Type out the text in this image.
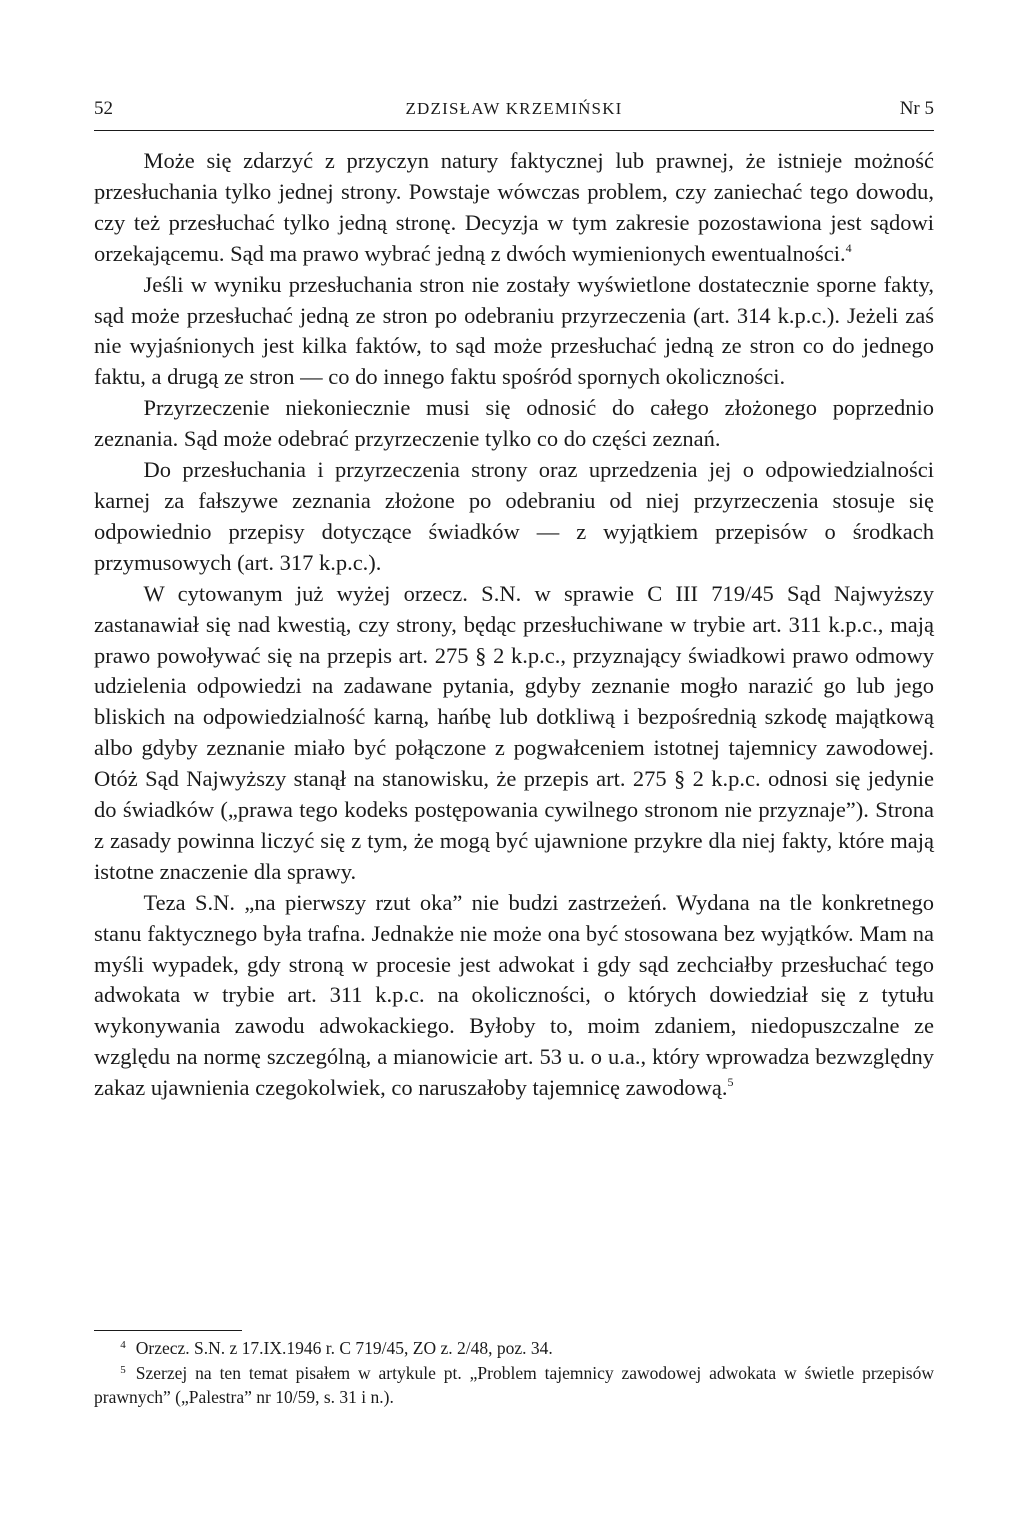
52	ZDZISŁAW KRZEMIŃSKI	Nr 5

Może się zdarzyć z przyczyn natury faktycznej lub prawnej, że istnieje możność przesłuchania tylko jednej strony. Powstaje wówczas problem, czy zaniechać tego dowodu, czy też przesłuchać tylko jedną stronę. Decyzja w tym zakresie pozostawiona jest sądowi orzekającemu. Sąd ma prawo wybrać jedną z dwóch wymienionych ewentualności.$^4$

Jeśli w wyniku przesłuchania stron nie zostały wyświetlone dostatecznie sporne fakty, sąd może przesłuchać jedną ze stron po odebraniu przyrzeczenia (art. 314 k.p.c.). Jeżeli zaś nie wyjaśnionych jest kilka faktów, to sąd może przesłuchać jedną ze stron co do jednego faktu, a drugą ze stron — co do innego faktu spośród spornych okoliczności.

Przyrzeczenie niekoniecznie musi się odnosić do całego złożonego poprzednio zeznania. Sąd może odebrać przyrzeczenie tylko co do części zeznań.

Do przesłuchania i przyrzeczenia strony oraz uprzedzenia jej o odpowiedzialności karnej za fałszywe zeznania złożone po odebraniu od niej przyrzeczenia stosuje się odpowiednio przepisy dotyczące świadków — z wyjątkiem przepisów o środkach przymusowych (art. 317 k.p.c.).

W cytowanym już wyżej orzecz. S.N. w sprawie C III 719/45 Sąd Najwyższy zastanawiał się nad kwestią, czy strony, będąc przesłuchiwane w trybie art. 311 k.p.c., mają prawo powoływać się na przepis art. 275 § 2 k.p.c., przyznający świadkowi prawo odmowy udzielenia odpowiedzi na zadawane pytania, gdyby zeznanie mogło narazić go lub jego bliskich na odpowiedzialność karną, hańbę lub dotkliwą i bezpośrednią szkodę majątkową albo gdyby zeznanie miało być połączone z pogwałceniem istotnej tajemnicy zawodowej. Otóż Sąd Najwyższy stanął na stanowisku, że przepis art. 275 § 2 k.p.c. odnosi się jedynie do świadków („prawa tego kodeks postępowania cywilnego stronom nie przyznaje”). Strona z zasady powinna liczyć się z tym, że mogą być ujawnione przykre dla niej fakty, które mają istotne znaczenie dla sprawy.

Teza S.N. „na pierwszy rzut oka” nie budzi zastrzeżeń. Wydana na tle konkretnego stanu faktycznego była trafna. Jednakże nie może ona być stosowana bez wyjątków. Mam na myśli wypadek, gdy stroną w procesie jest adwokat i gdy sąd zechciałby przesłuchać tego adwokata w trybie art. 311 k.p.c. na okoliczności, o których dowiedział się z tytułu wykonywania zawodu adwokackiego. Byłoby to, moim zdaniem, niedopuszczalne ze względu na normę szczególną, a mianowicie art. 53 u. o u.a., który wprowadza bezwzględny zakaz ujawnienia czegokolwiek, co naruszałoby tajemnicę zawodową.$^5$

$^4$ Orzecz. S.N. z 17.IX.1946 r. C 719/45, ZO z. 2/48, poz. 34.

$^5$ Szerzej na ten temat pisałem w artykule pt. „Problem tajemnicy zawodowej adwokata w świetle przepisów prawnych” („Palestra” nr 10/59, s. 31 i n.).
